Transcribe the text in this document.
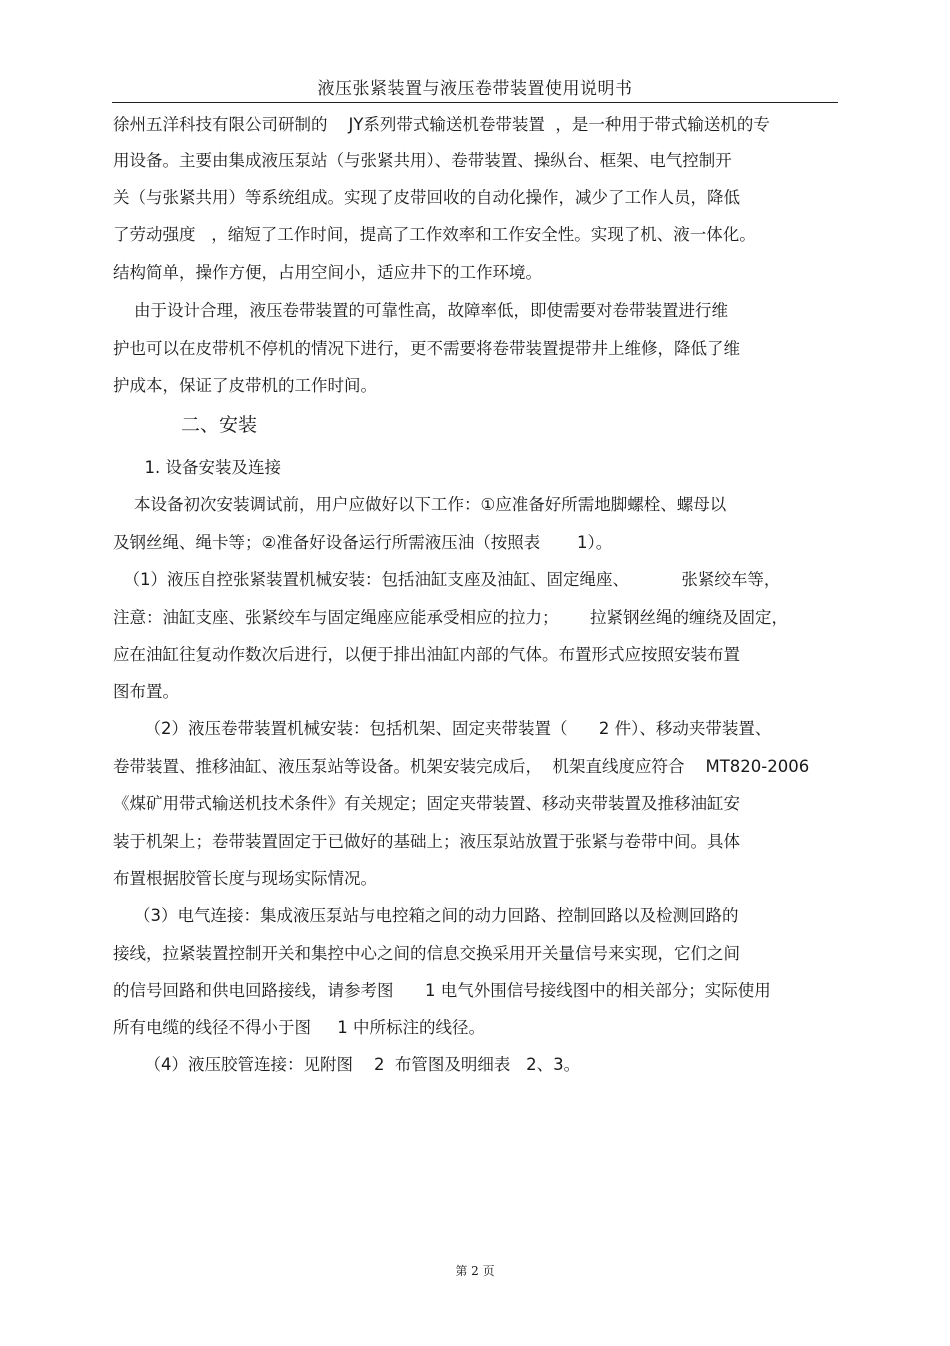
液压张紧装置与液压卷带装置使用说明书
徐州五洋科技有限公司研制的    JY系列带式输送机卷带装置  ，是一种用于带式输送机的专
用设备。主要由集成液压泵站（与张紧共用）、卷带装置、操纵台、框架、电气控制开
关（与张紧共用）等系统组成。实现了皮带回收的自动化操作，减少了工作人员，降低
了劳动强度   ，缩短了工作时间，提高了工作效率和工作安全性。实现了机、液一体化。
结构简单，操作方便，占用空间小，适应井下的工作环境。
由于设计合理，液压卷带装置的可靠性高，故障率低，即使需要对卷带装置进行维
护也可以在皮带机不停机的情况下进行，更不需要将卷带装置提带井上维修，降低了维
护成本，保证了皮带机的工作时间。
二、安装
1. 设备安装及连接
本设备初次安装调试前，用户应做好以下工作：①应准备好所需地脚螺栓、螺母以
及钢丝绳、绳卡等；②准备好设备运行所需液压油（按照表       1）。
（1）液压自控张紧装置机械安装：包括油缸支座及油缸、固定绳座、          张紧绞车等，
注意：油缸支座、张紧绞车与固定绳座应能承受相应的拉力；      拉紧钢丝绳的缠绕及固定，
应在油缸往复动作数次后进行，以便于排出油缸内部的气体。布置形式应按照安装布置
图布置。
（2）液压卷带装置机械安装：包括机架、固定夹带装置（      2 件）、移动夹带装置、
卷带装置、推移油缸、液压泵站等设备。机架安装完成后，  机架直线度应符合    MT820-2006
《煤矿用带式输送机技术条件》有关规定；固定夹带装置、移动夹带装置及推移油缸安
装于机架上；卷带装置固定于已做好的基础上；液压泵站放置于张紧与卷带中间。具体
布置根据胶管长度与现场实际情况。
（3）电气连接：集成液压泵站与电控箱之间的动力回路、控制回路以及检测回路的
接线，拉紧装置控制开关和集控中心之间的信息交换采用开关量信号来实现，它们之间
的信号回路和供电回路接线，请参考图      1 电气外围信号接线图中的相关部分；实际使用
所有电缆的线径不得小于图     1 中所标注的线径。
（4）液压胶管连接：见附图    2  布管图及明细表   2、3。
第 2 页
